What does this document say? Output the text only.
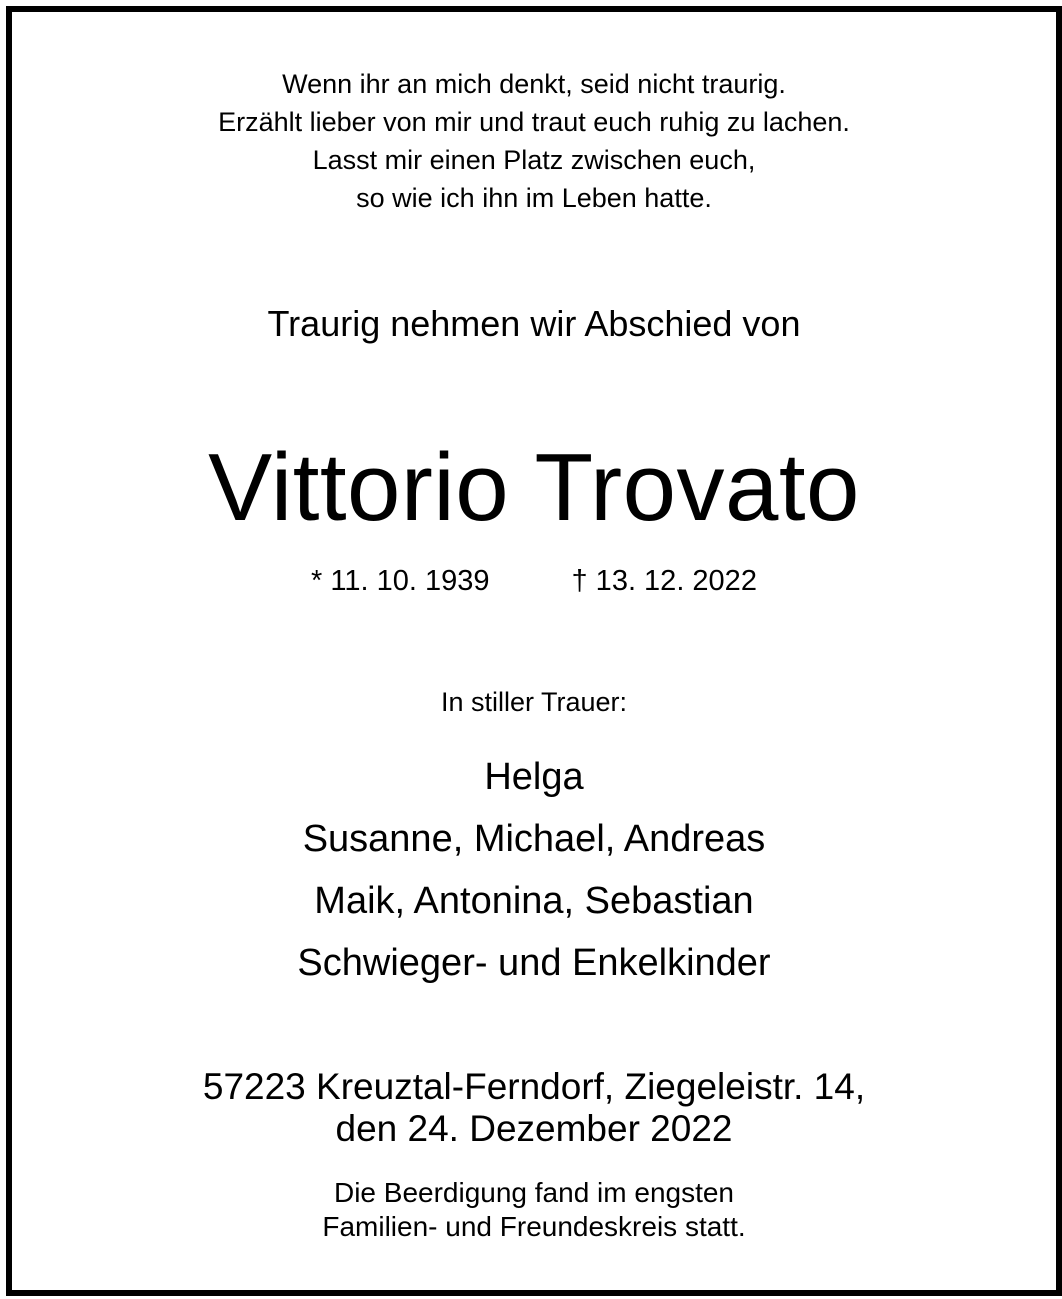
Wenn ihr an mich denkt, seid nicht traurig.
Erzählt lieber von mir und traut euch ruhig zu lachen.
Lasst mir einen Platz zwischen euch,
so wie ich ihn im Leben hatte.
Traurig nehmen wir Abschied von
Vittorio Trovato
* 11. 10. 1939	† 13. 12. 2022
In stiller Trauer:
Helga
Susanne, Michael, Andreas
Maik, Antonina, Sebastian
Schwieger- und Enkelkinder
57223 Kreuztal-Ferndorf, Ziegeleistr. 14,
den 24. Dezember 2022
Die Beerdigung fand im engsten
Familien- und Freundeskreis statt.
